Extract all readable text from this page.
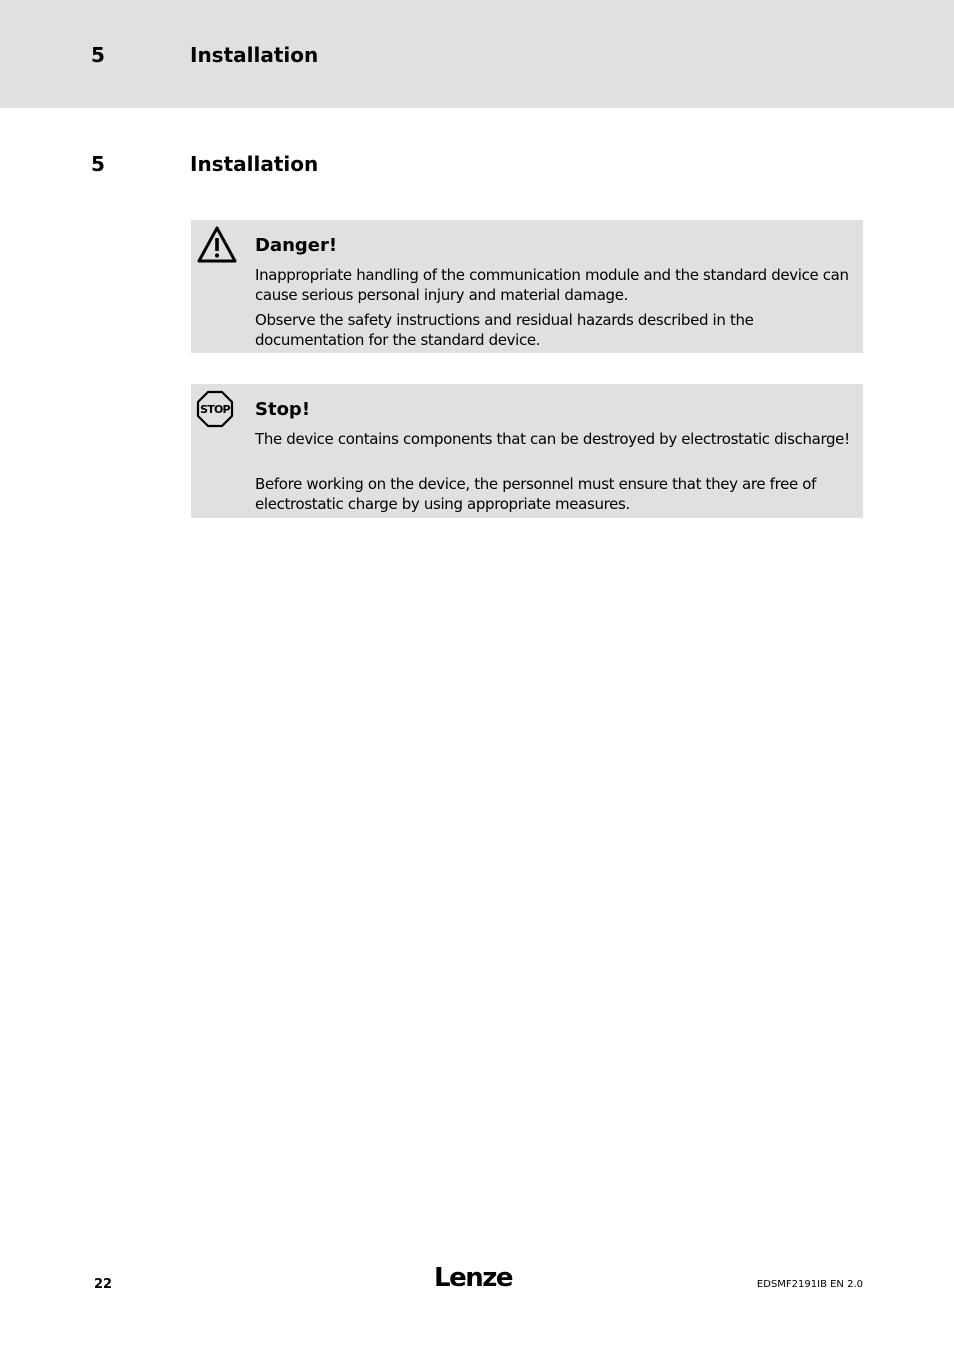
5	Installation
5	Installation
Danger!
Inappropriate handling of the communication module and the standard device can cause serious personal injury and material damage.
Observe the safety instructions and residual hazards described in the documentation for the standard device.
STOP Stop!
The device contains components that can be destroyed by electrostatic discharge!
Before working on the device, the personnel must ensure that they are free of electrostatic charge by using appropriate measures.
22	Lenze	EDSMF2191IB EN 2.0
